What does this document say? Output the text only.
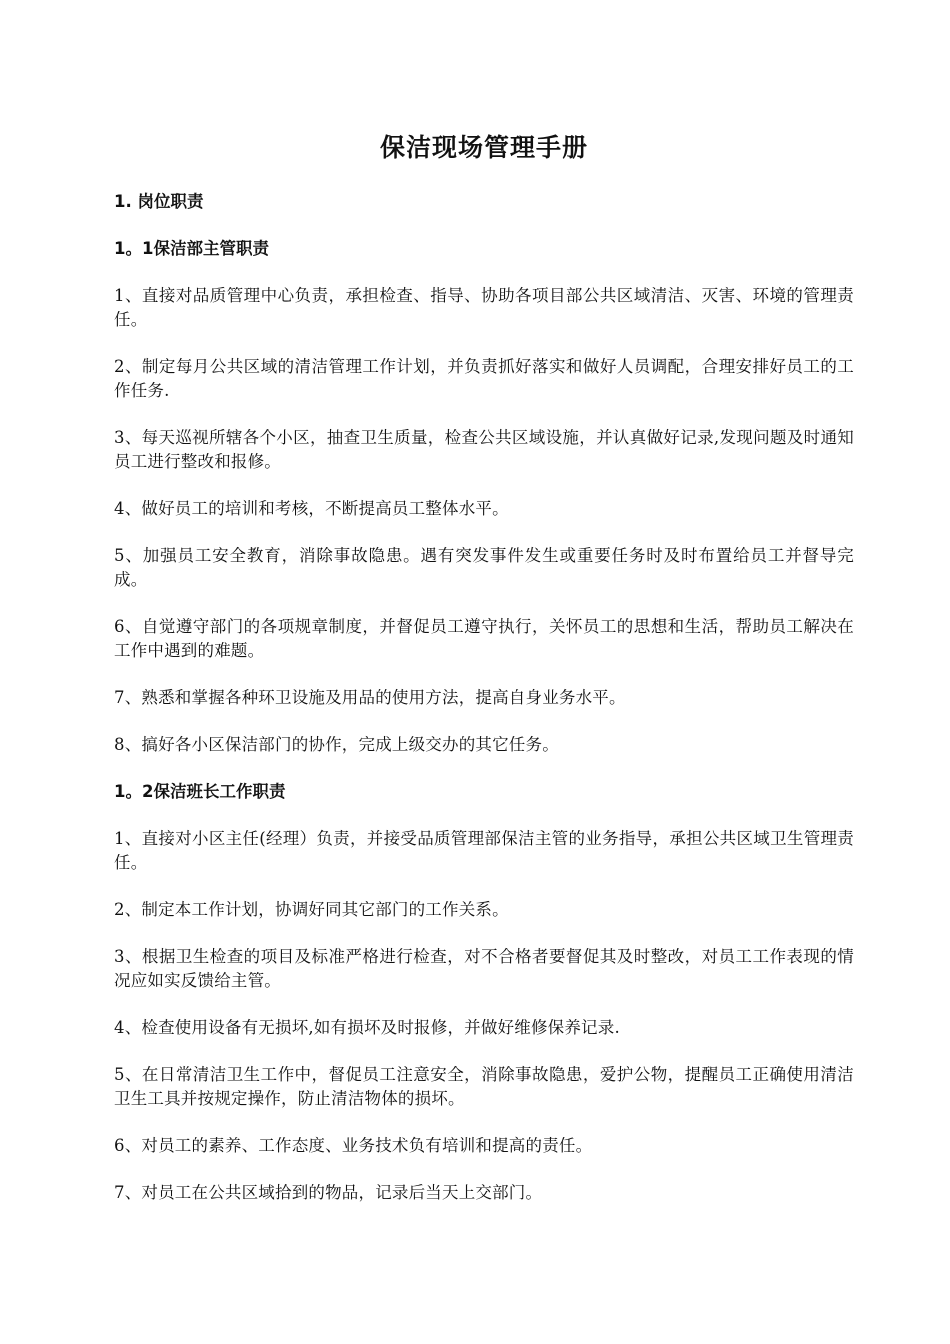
保洁现场管理手册

1. 岗位职责

1。1保洁部主管职责

1、直接对品质管理中心负责，承担检查、指导、协助各项目部公共区域清洁、灭害、环境的管理责任。

2、制定每月公共区域的清洁管理工作计划，并负责抓好落实和做好人员调配，合理安排好员工的工作任务.

3、每天巡视所辖各个小区，抽查卫生质量，检查公共区域设施，并认真做好记录,发现问题及时通知员工进行整改和报修。

4、做好员工的培训和考核，不断提高员工整体水平。

5、加强员工安全教育，消除事故隐患。遇有突发事件发生或重要任务时及时布置给员工并督导完成。

6、自觉遵守部门的各项规章制度，并督促员工遵守执行，关怀员工的思想和生活，帮助员工解决在工作中遇到的难题。

7、熟悉和掌握各种环卫设施及用品的使用方法，提高自身业务水平。

8、搞好各小区保洁部门的协作，完成上级交办的其它任务。

1。2保洁班长工作职责

1、直接对小区主任(经理）负责，并接受品质管理部保洁主管的业务指导，承担公共区域卫生管理责任。

2、制定本工作计划，协调好同其它部门的工作关系。

3、根据卫生检查的项目及标准严格进行检查，对不合格者要督促其及时整改，对员工工作表现的情况应如实反馈给主管。

4、检查使用设备有无损坏,如有损坏及时报修，并做好维修保养记录.

5、在日常清洁卫生工作中，督促员工注意安全，消除事故隐患，爱护公物，提醒员工正确使用清洁卫生工具并按规定操作，防止清洁物体的损坏。

6、对员工的素养、工作态度、业务技术负有培训和提高的责任。

7、对员工在公共区域拾到的物品，记录后当天上交部门。
